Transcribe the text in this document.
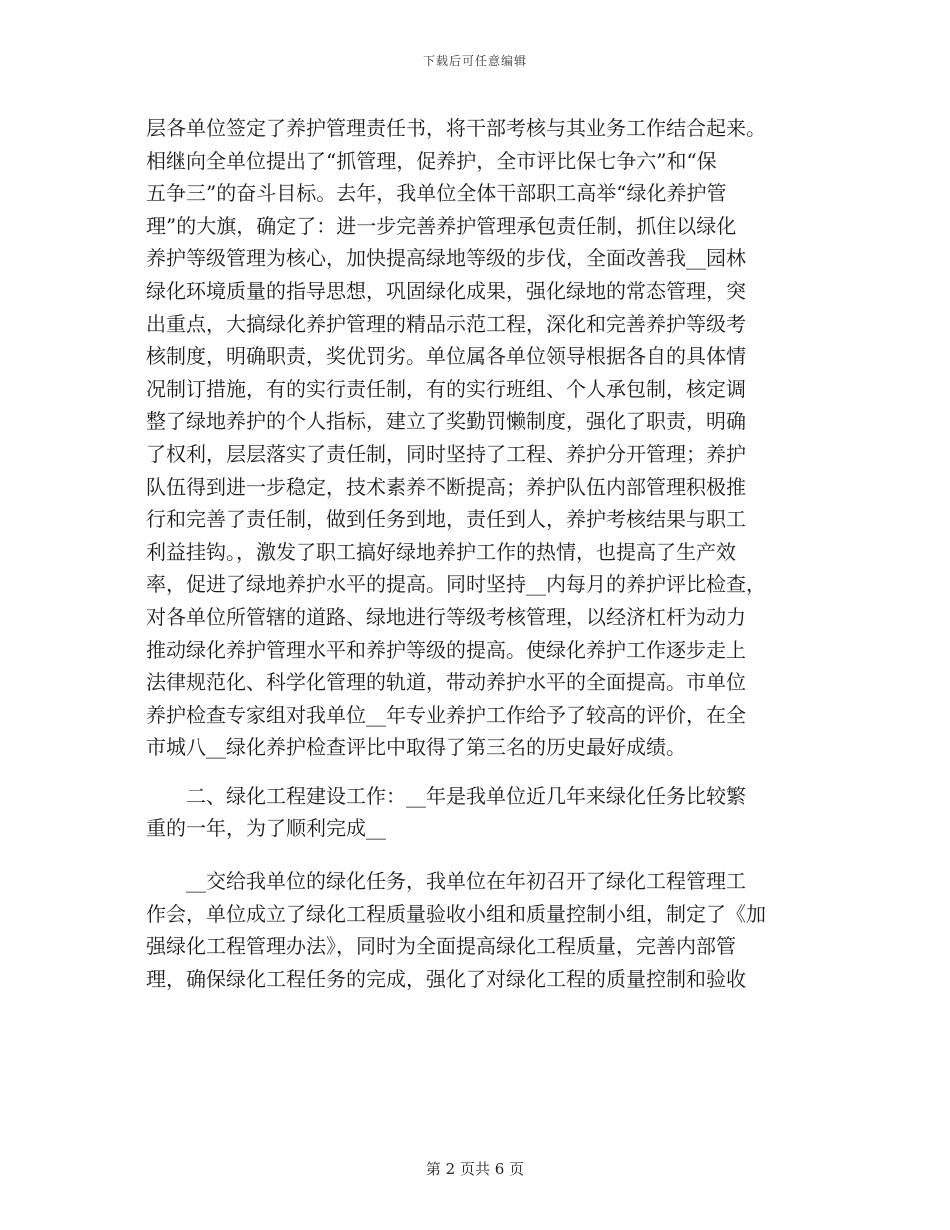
下载后可任意编辑
层各单位签定了养护管理责任书，将干部考核与其业务工作结合起来。
相继向全单位提出了“抓管理，促养护，全市评比保七争六”和“保
五争三”的奋斗目标。去年，我单位全体干部职工高举“绿化养护管
理”的大旗，确定了：进一步完善养护管理承包责任制，抓住以绿化
养护等级管理为核心，加快提高绿地等级的步伐，全面改善我__园林
绿化环境质量的指导思想，巩固绿化成果，强化绿地的常态管理，突
出重点，大搞绿化养护管理的精品示范工程，深化和完善养护等级考
核制度，明确职责，奖优罚劣。单位属各单位领导根据各自的具体情
况制订措施，有的实行责任制，有的实行班组、个人承包制，核定调
整了绿地养护的个人指标，建立了奖勤罚懒制度，强化了职责，明确
了权利，层层落实了责任制，同时坚持了工程、养护分开管理；养护
队伍得到进一步稳定，技术素养不断提高；养护队伍内部管理积极推
行和完善了责任制，做到任务到地，责任到人，养护考核结果与职工
利益挂钩。，激发了职工搞好绿地养护工作的热情，也提高了生产效
率，促进了绿地养护水平的提高。同时坚持__内每月的养护评比检查，
对各单位所管辖的道路、绿地进行等级考核管理，以经济杠杆为动力
推动绿化养护管理水平和养护等级的提高。使绿化养护工作逐步走上
法律规范化、科学化管理的轨道，带动养护水平的全面提高。市单位
养护检查专家组对我单位__年专业养护工作给予了较高的评价，在全
市城八__绿化养护检查评比中取得了第三名的历史最好成绩。
　　二、绿化工程建设工作：__年是我单位近几年来绿化任务比较繁
重的一年，为了顺利完成__
　　__交给我单位的绿化任务，我单位在年初召开了绿化工程管理工
作会，单位成立了绿化工程质量验收小组和质量控制小组，制定了《加
强绿化工程管理办法》，同时为全面提高绿化工程质量，完善内部管
理，确保绿化工程任务的完成，强化了对绿化工程的质量控制和验收
第 2 页共 6 页
